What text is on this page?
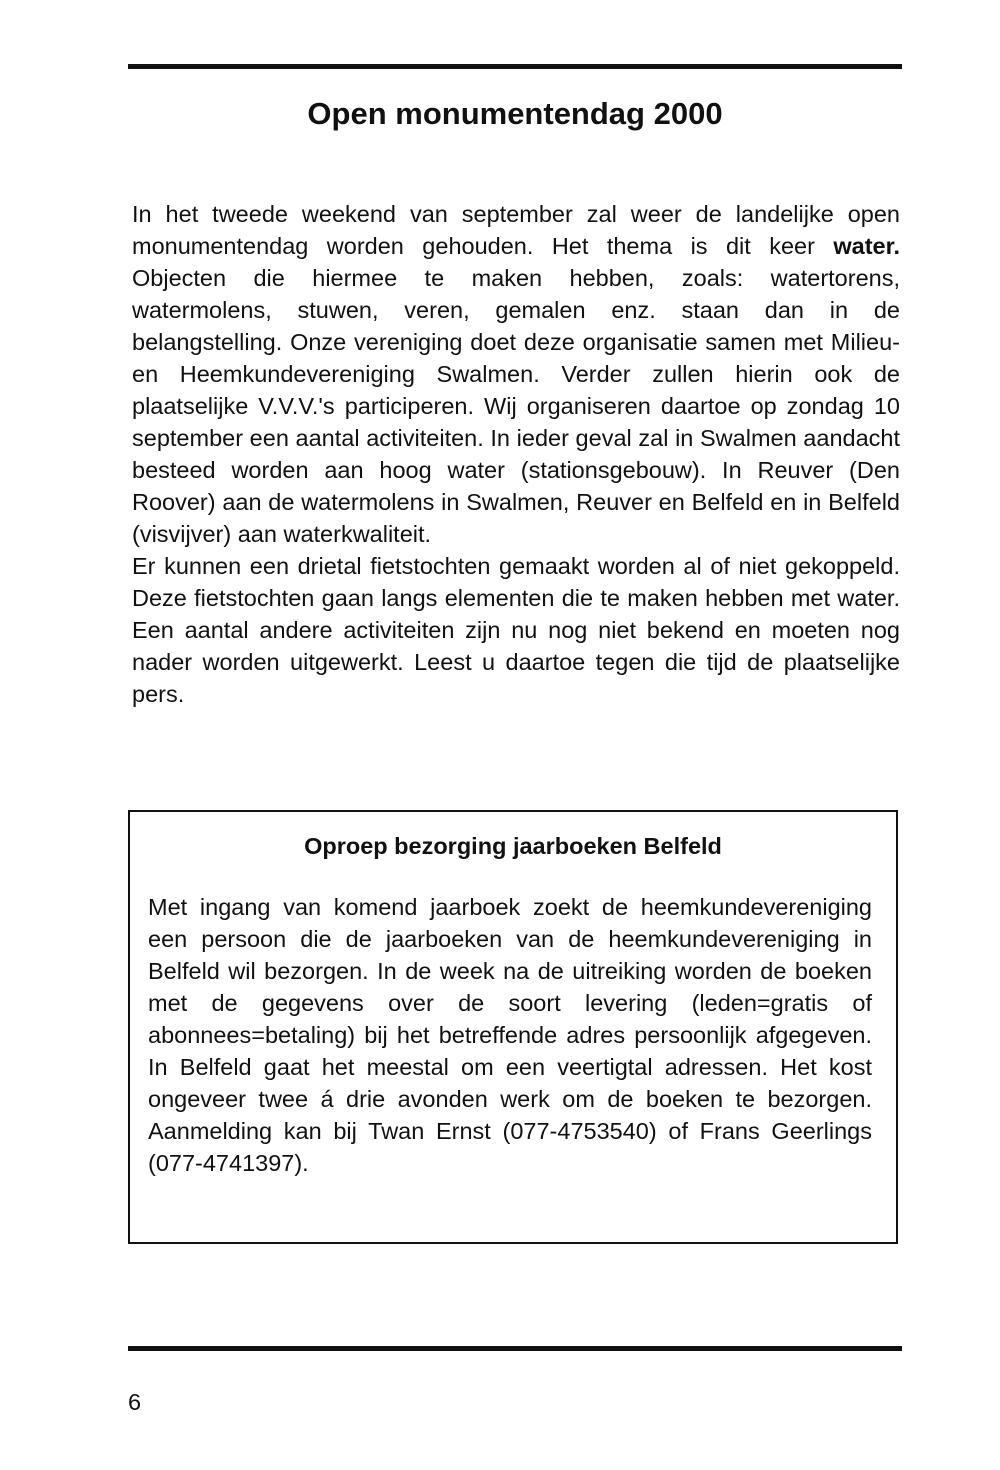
Open monumentendag 2000

In het tweede weekend van september zal weer de landelijke open monumentendag worden gehouden. Het thema is dit keer water. Objecten die hiermee te maken hebben, zoals: watertorens, watermolens, stuwen, veren, gemalen enz. staan dan in de belangstelling. Onze vereniging doet deze organisatie samen met Milieu- en Heemkundevereniging Swalmen. Verder zullen hierin ook de plaatselijke V.V.V.'s participeren. Wij organiseren daartoe op zondag 10 september een aantal activiteiten. In ieder geval zal in Swalmen aandacht besteed worden aan hoog water (stationsgebouw). In Reuver (Den Roover) aan de watermolens in Swalmen, Reuver en Belfeld en in Belfeld (visvijver) aan waterkwaliteit.

Er kunnen een drietal fietstochten gemaakt worden al of niet gekoppeld. Deze fietstochten gaan langs elementen die te maken hebben met water. Een aantal andere activiteiten zijn nu nog niet bekend en moeten nog nader worden uitgewerkt. Leest u daartoe tegen die tijd de plaatselijke pers.

Oproep bezorging jaarboeken Belfeld

Met ingang van komend jaarboek zoekt de heemkundevereniging een persoon die de jaarboeken van de heemkundevereniging in Belfeld wil bezorgen. In de week na de uitreiking worden de boeken met de gegevens over de soort levering (leden=gratis of abonnees=betaling) bij het betreffende adres persoonlijk afgegeven. In Belfeld gaat het meestal om een veertigtal adressen. Het kost ongeveer twee á drie avonden werk om de boeken te bezorgen. Aanmelding kan bij Twan Ernst (077-4753540) of Frans Geerlings (077-4741397).

6
